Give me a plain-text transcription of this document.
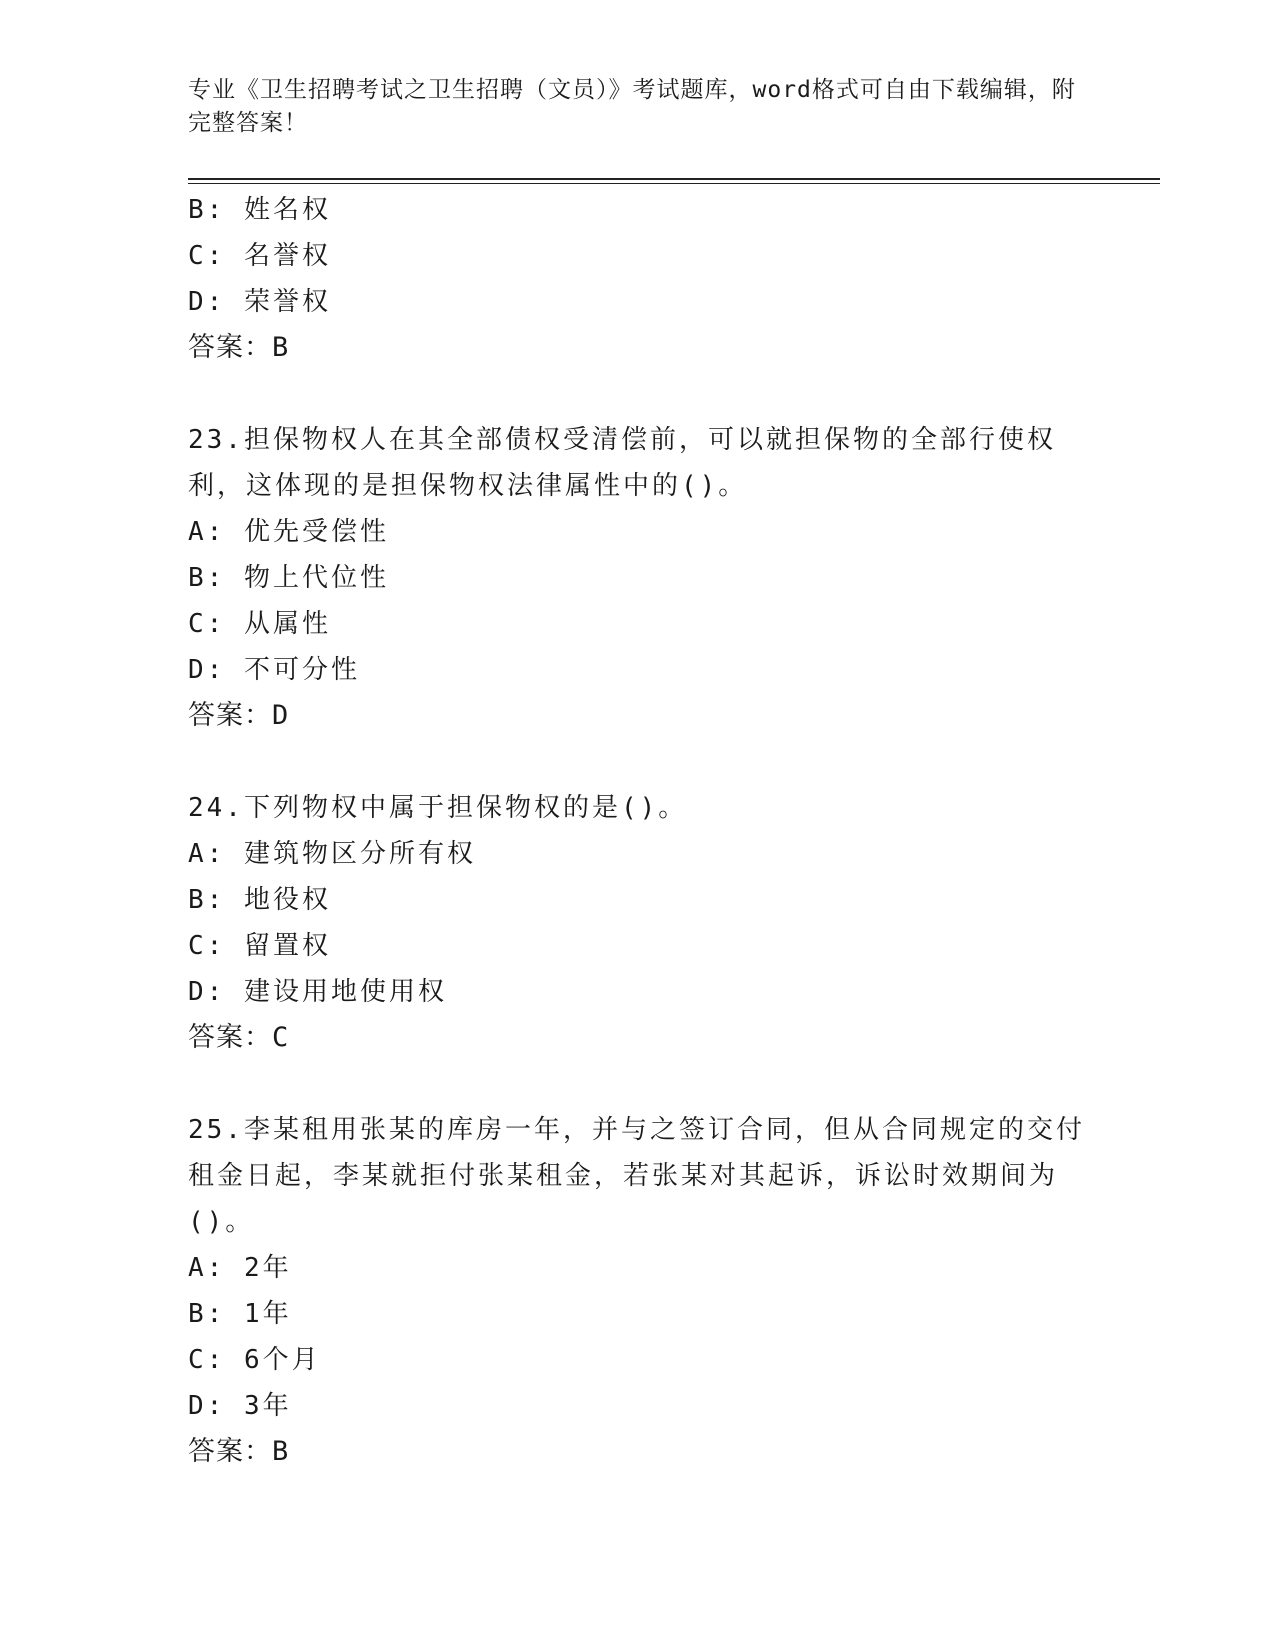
专业《卫生招聘考试之卫生招聘（文员）》考试题库，word格式可自由下载编辑，附完整答案！
B: 姓名权
C: 名誉权
D: 荣誉权
答案：B
23.担保物权人在其全部债权受清偿前，可以就担保物的全部行使权利，这体现的是担保物权法律属性中的()。
A: 优先受偿性
B: 物上代位性
C: 从属性
D: 不可分性
答案：D
24.下列物权中属于担保物权的是()。
A: 建筑物区分所有权
B: 地役权
C: 留置权
D: 建设用地使用权
答案：C
25.李某租用张某的库房一年，并与之签订合同，但从合同规定的交付租金日起，李某就拒付张某租金，若张某对其起诉，诉讼时效期间为()。
A: 2年
B: 1年
C: 6个月
D: 3年
答案：B
